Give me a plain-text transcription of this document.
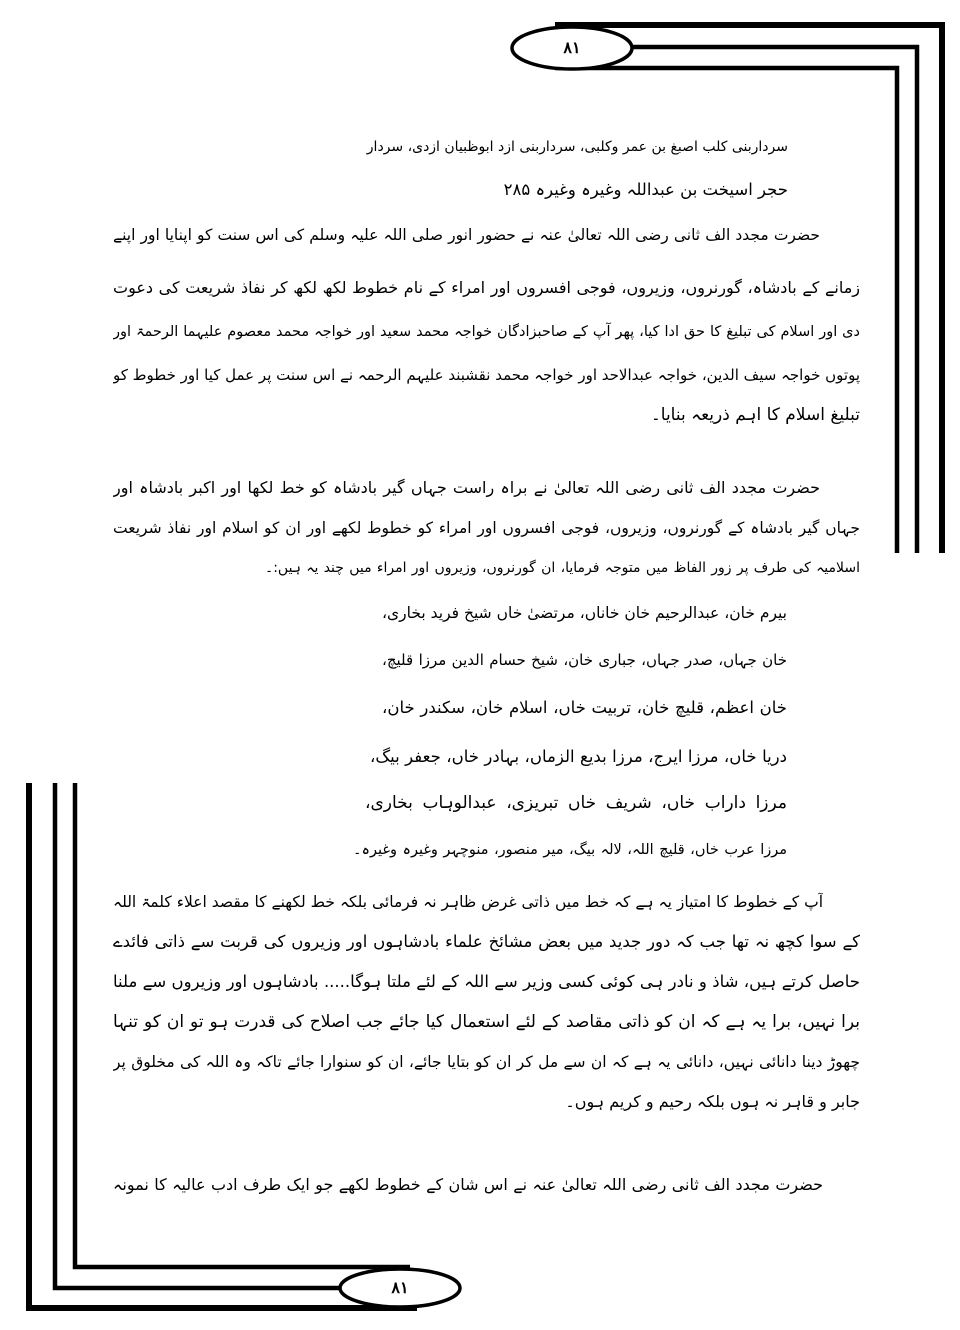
۸۱
۸۱
سرداربنی کلب اصبغ بن عمر وکلبی، سرداربنی ازد ابوظبیان ازدی، سردار
حجر اسیخت بن عبداللہ وغیرہ وغیرہ ۲۸۵
حضرت مجدد الف ثانی رضی اللہ تعالیٰ عنہ نے حضور انور صلی اللہ علیہ وسلم کی اس سنت کو اپنایا اور اپنے
زمانے کے بادشاہ، گورنروں، وزیروں، فوجی افسروں اور امراء کے نام خطوط لکھ لکھ کر نفاذ شریعت کی دعوت
دی اور اسلام کی تبلیغ کا حق ادا کیا، پھر آپ کے صاحبزادگان خواجہ محمد سعید اور خواجہ محمد معصوم علیہما الرحمۃ اور
پوتوں خواجہ سیف الدین، خواجہ عبدالاحد اور خواجہ محمد نقشبند علیہم الرحمہ نے اس سنت پر عمل کیا اور خطوط کو
تبلیغ اسلام کا اہم ذریعہ بنایا۔
حضرت مجدد الف ثانی رضی اللہ تعالیٰ نے براہ راست جہاں گیر بادشاہ کو خط لکھا اور اکبر بادشاہ اور
جہاں گیر بادشاہ کے گورنروں، وزیروں، فوجی افسروں اور امراء کو خطوط لکھے اور ان کو اسلام اور نفاذ شریعت
اسلامیہ کی طرف پر زور الفاظ میں متوجہ فرمایا، ان گورنروں، وزیروں اور امراء میں چند یہ ہیں:۔
بیرم خان، عبدالرحیم خان خاناں، مرتضیٰ خاں شیخ فرید بخاری،
خان جہاں، صدر جہاں، جباری خان، شیخ حسام الدین مرزا قلیچ،
خان اعظم، قلیچ خان، تربیت خاں، اسلام خان، سکندر خان،
دریا خاں، مرزا ایرج، مرزا بدیع الزماں، بہادر خاں، جعفر بیگ،
مرزا داراب خاں، شریف خاں تبریزی، عبدالوہاب بخاری،
مرزا عرب خاں، قلیچ اللہ، لالہ بیگ، میر منصور، منوچہر وغیرہ وغیرہ۔
آپ کے خطوط کا امتیاز یہ ہے کہ خط میں ذاتی غرض ظاہر نہ فرمائی بلکہ خط لکھنے کا مقصد اعلاء کلمۃ اللہ
کے سوا کچھ نہ تھا جب کہ دور جدید میں بعض مشائخ علماء بادشاہوں اور وزیروں کی قربت سے ذاتی فائدے
حاصل کرتے ہیں، شاذ و نادر ہی کوئی کسی وزیر سے اللہ کے لئے ملتا ہوگا..... بادشاہوں اور وزیروں سے ملنا
برا نہیں، برا یہ ہے کہ ان کو ذاتی مقاصد کے لئے استعمال کیا جائے جب اصلاح کی قدرت ہو تو ان کو تنہا
چھوڑ دینا دانائی نہیں، دانائی یہ ہے کہ ان سے مل کر ان کو بتایا جائے، ان کو سنوارا جائے تاکہ وہ اللہ کی مخلوق پر
جابر و قاہر نہ ہوں بلکہ رحیم و کریم ہوں۔
حضرت مجدد الف ثانی رضی اللہ تعالیٰ عنہ نے اس شان کے خطوط لکھے جو ایک طرف ادب عالیہ کا نمونہ
